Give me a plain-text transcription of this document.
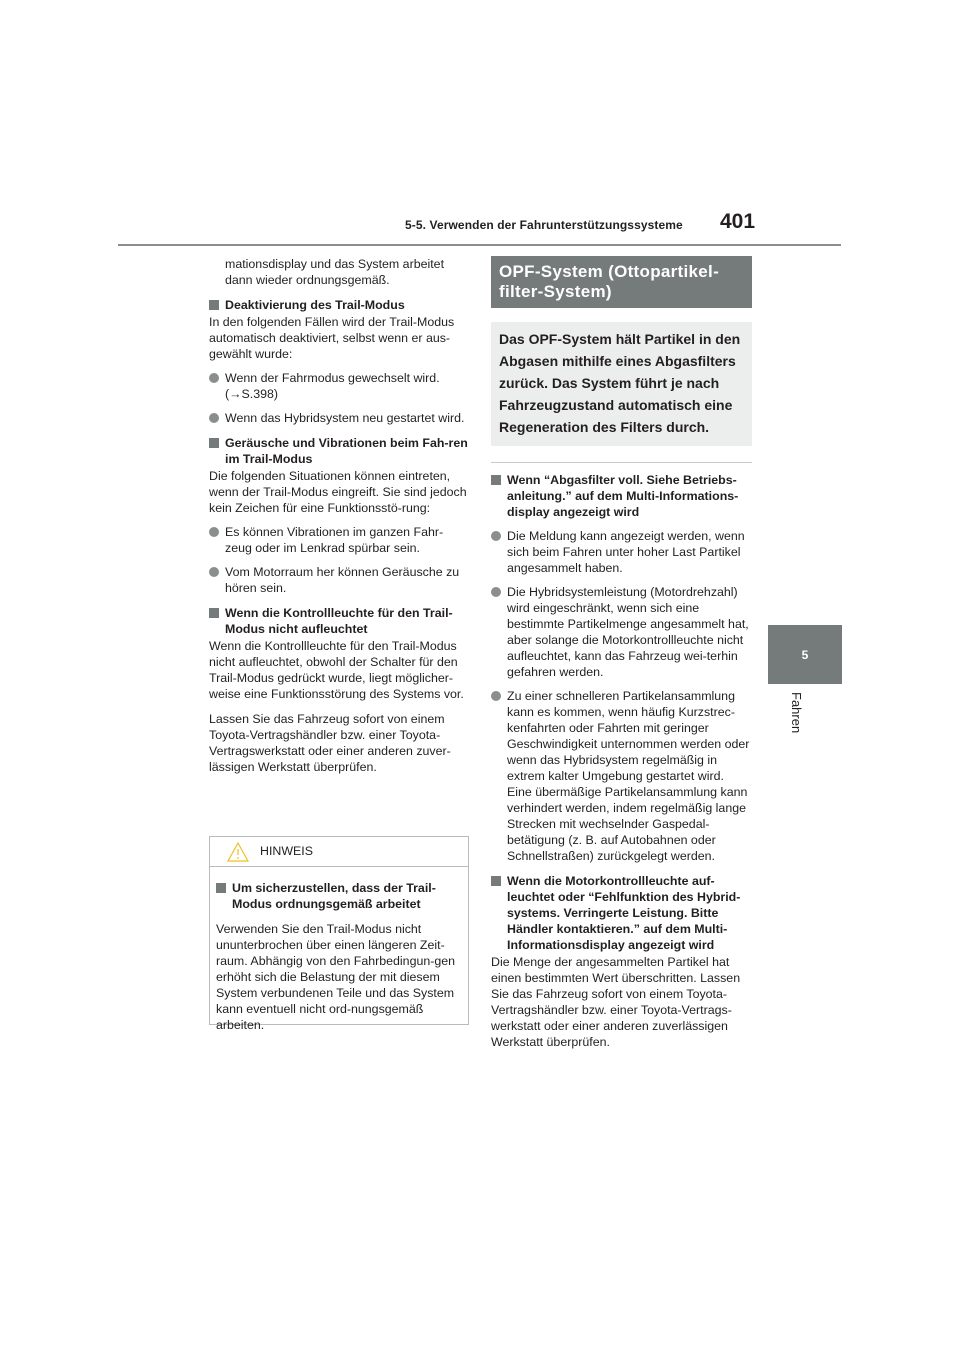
5-5. Verwenden der Fahrunterstützungssysteme 401
5
Fahren

mationsdisplay und das System arbeitet

dann wieder ordnungsgemäß.

Deaktivierung des Trail-Modus

In den folgenden Fällen wird der Trail-Modus automatisch deaktiviert, selbst wenn er aus-gewählt wurde:

Wenn der Fahrmodus gewechselt wird.
(→S.398)
Wenn das Hybridsystem neu gestartet wird.
Geräusche und Vibrationen beim Fah-ren im Trail-Modus

Die folgenden Situationen können eintreten, wenn der Trail-Modus eingreift. Sie sind jedoch kein Zeichen für eine Funktionsstö-rung:

Es können Vibrationen im ganzen Fahr-zeug oder im Lenkrad spürbar sein.
Vom Motorraum her können Geräusche zu hören sein.
Wenn die Kontrollleuchte für den Trail-Modus nicht aufleuchtet

Wenn die Kontrollleuchte für den Trail-Modus nicht aufleuchtet, obwohl der Schalter für den Trail-Modus gedrückt wurde, liegt möglicher-weise eine Funktionsstörung des Systems vor.

Lassen Sie das Fahrzeug sofort von einem Toyota-Vertragshändler bzw. einer Toyota-Vertragswerkstatt oder einer anderen zuver-lässigen Werkstatt überprüfen.

HINWEIS
Um sicherzustellen, dass der Trail-Modus ordnungsgemäß arbeitet

Verwenden Sie den Trail-Modus nicht ununterbrochen über einen längeren Zeit-raum. Abhängig von den Fahrbedingun-gen erhöht sich die Belastung der mit diesem System verbundenen Teile und das System kann eventuell nicht ord-nungsgemäß arbeiten.

OPF-System (Ottopartikel-filter-System)
Das OPF-System hält Partikel in den Abgasen mithilfe eines Abgasfilters zurück. Das System führt je nach Fahrzeugzustand automatisch eine Regeneration des Filters durch.
Wenn “Abgasfilter voll. Siehe Betriebs-anleitung.” auf dem Multi-Informations-display angezeigt wird
Die Meldung kann angezeigt werden, wenn sich beim Fahren unter hoher Last Partikel angesammelt haben.
Die Hybridsystemleistung (Motordrehzahl) wird eingeschränkt, wenn sich eine bestimmte Partikelmenge angesammelt hat, aber solange die Motorkontrollleuchte nicht aufleuchtet, kann das Fahrzeug wei-terhin gefahren werden.
Zu einer schnelleren Partikelansammlung kann es kommen, wenn häufig Kurzstrec-kenfahrten oder Fahrten mit geringer Geschwindigkeit unternommen werden oder wenn das Hybridsystem regelmäßig in extrem kalter Umgebung gestartet wird. Eine übermäßige Partikelansammlung kann verhindert werden, indem regelmäßig lange Strecken mit wechselnder Gaspedal-betätigung (z. B. auf Autobahnen oder Schnellstraßen) zurückgelegt werden.
Wenn die Motorkontrollleuchte auf-leuchtet oder “Fehlfunktion des Hybrid-systems. Verringerte Leistung. Bitte Händler kontaktieren.” auf dem Multi-Informationsdisplay angezeigt wird

Die Menge der angesammelten Partikel hat einen bestimmten Wert überschritten. Lassen Sie das Fahrzeug sofort von einem Toyota-Vertragshändler bzw. einer Toyota-Vertrags-werkstatt oder einer anderen zuverlässigen Werkstatt überprüfen.
